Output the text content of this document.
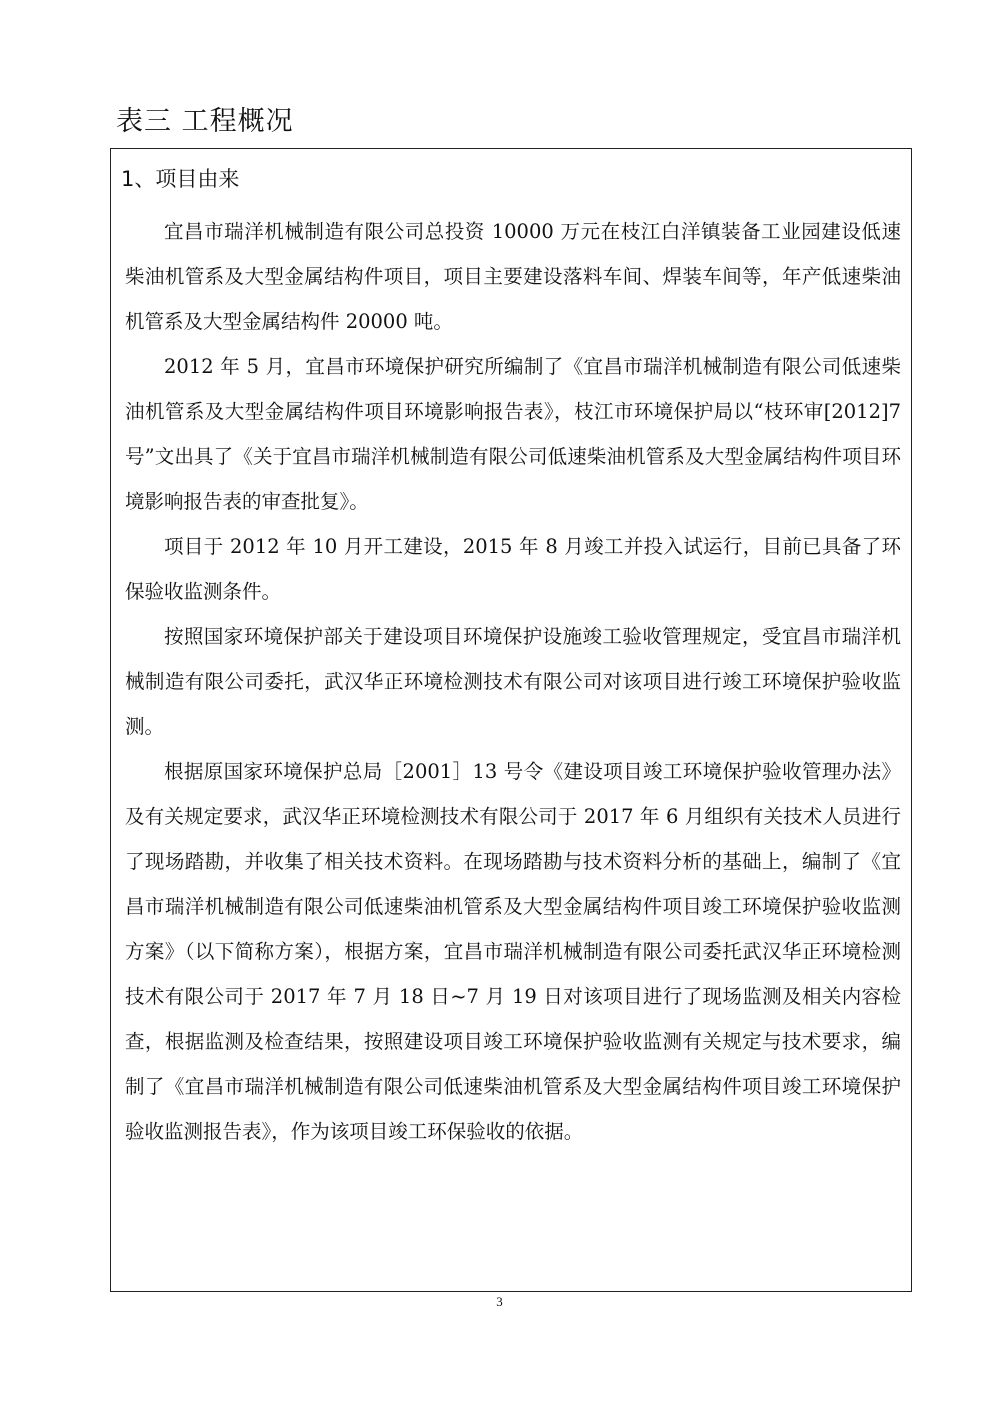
表三 工程概况
1、项目由来

宜昌市瑞洋机械制造有限公司总投资 10000 万元在枝江白洋镇装备工业园建设低速柴油机管系及大型金属结构件项目，项目主要建设落料车间、焊装车间等，年产低速柴油机管系及大型金属结构件 20000 吨。

2012 年 5 月，宜昌市环境保护研究所编制了《宜昌市瑞洋机械制造有限公司低速柴油机管系及大型金属结构件项目环境影响报告表》，枝江市环境保护局以“枝环审[2012]7 号”文出具了《关于宜昌市瑞洋机械制造有限公司低速柴油机管系及大型金属结构件项目环境影响报告表的审查批复》。

项目于 2012 年 10 月开工建设，2015 年 8 月竣工并投入试运行，目前已具备了环保验收监测条件。

按照国家环境保护部关于建设项目环境保护设施竣工验收管理规定，受宜昌市瑞洋机械制造有限公司委托，武汉华正环境检测技术有限公司对该项目进行竣工环境保护验收监测。

根据原国家环境保护总局［2001］13 号令《建设项目竣工环境保护验收管理办法》及有关规定要求，武汉华正环境检测技术有限公司于 2017 年 6 月组织有关技术人员进行了现场踏勘，并收集了相关技术资料。在现场踏勘与技术资料分析的基础上，编制了《宜昌市瑞洋机械制造有限公司低速柴油机管系及大型金属结构件项目竣工环境保护验收监测方案》（以下简称方案），根据方案，宜昌市瑞洋机械制造有限公司委托武汉华正环境检测技术有限公司于 2017 年 7 月 18 日~7 月 19 日对该项目进行了现场监测及相关内容检查，根据监测及检查结果，按照建设项目竣工环境保护验收监测有关规定与技术要求，编制了《宜昌市瑞洋机械制造有限公司低速柴油机管系及大型金属结构件项目竣工环境保护验收监测报告表》，作为该项目竣工环保验收的依据。

3
